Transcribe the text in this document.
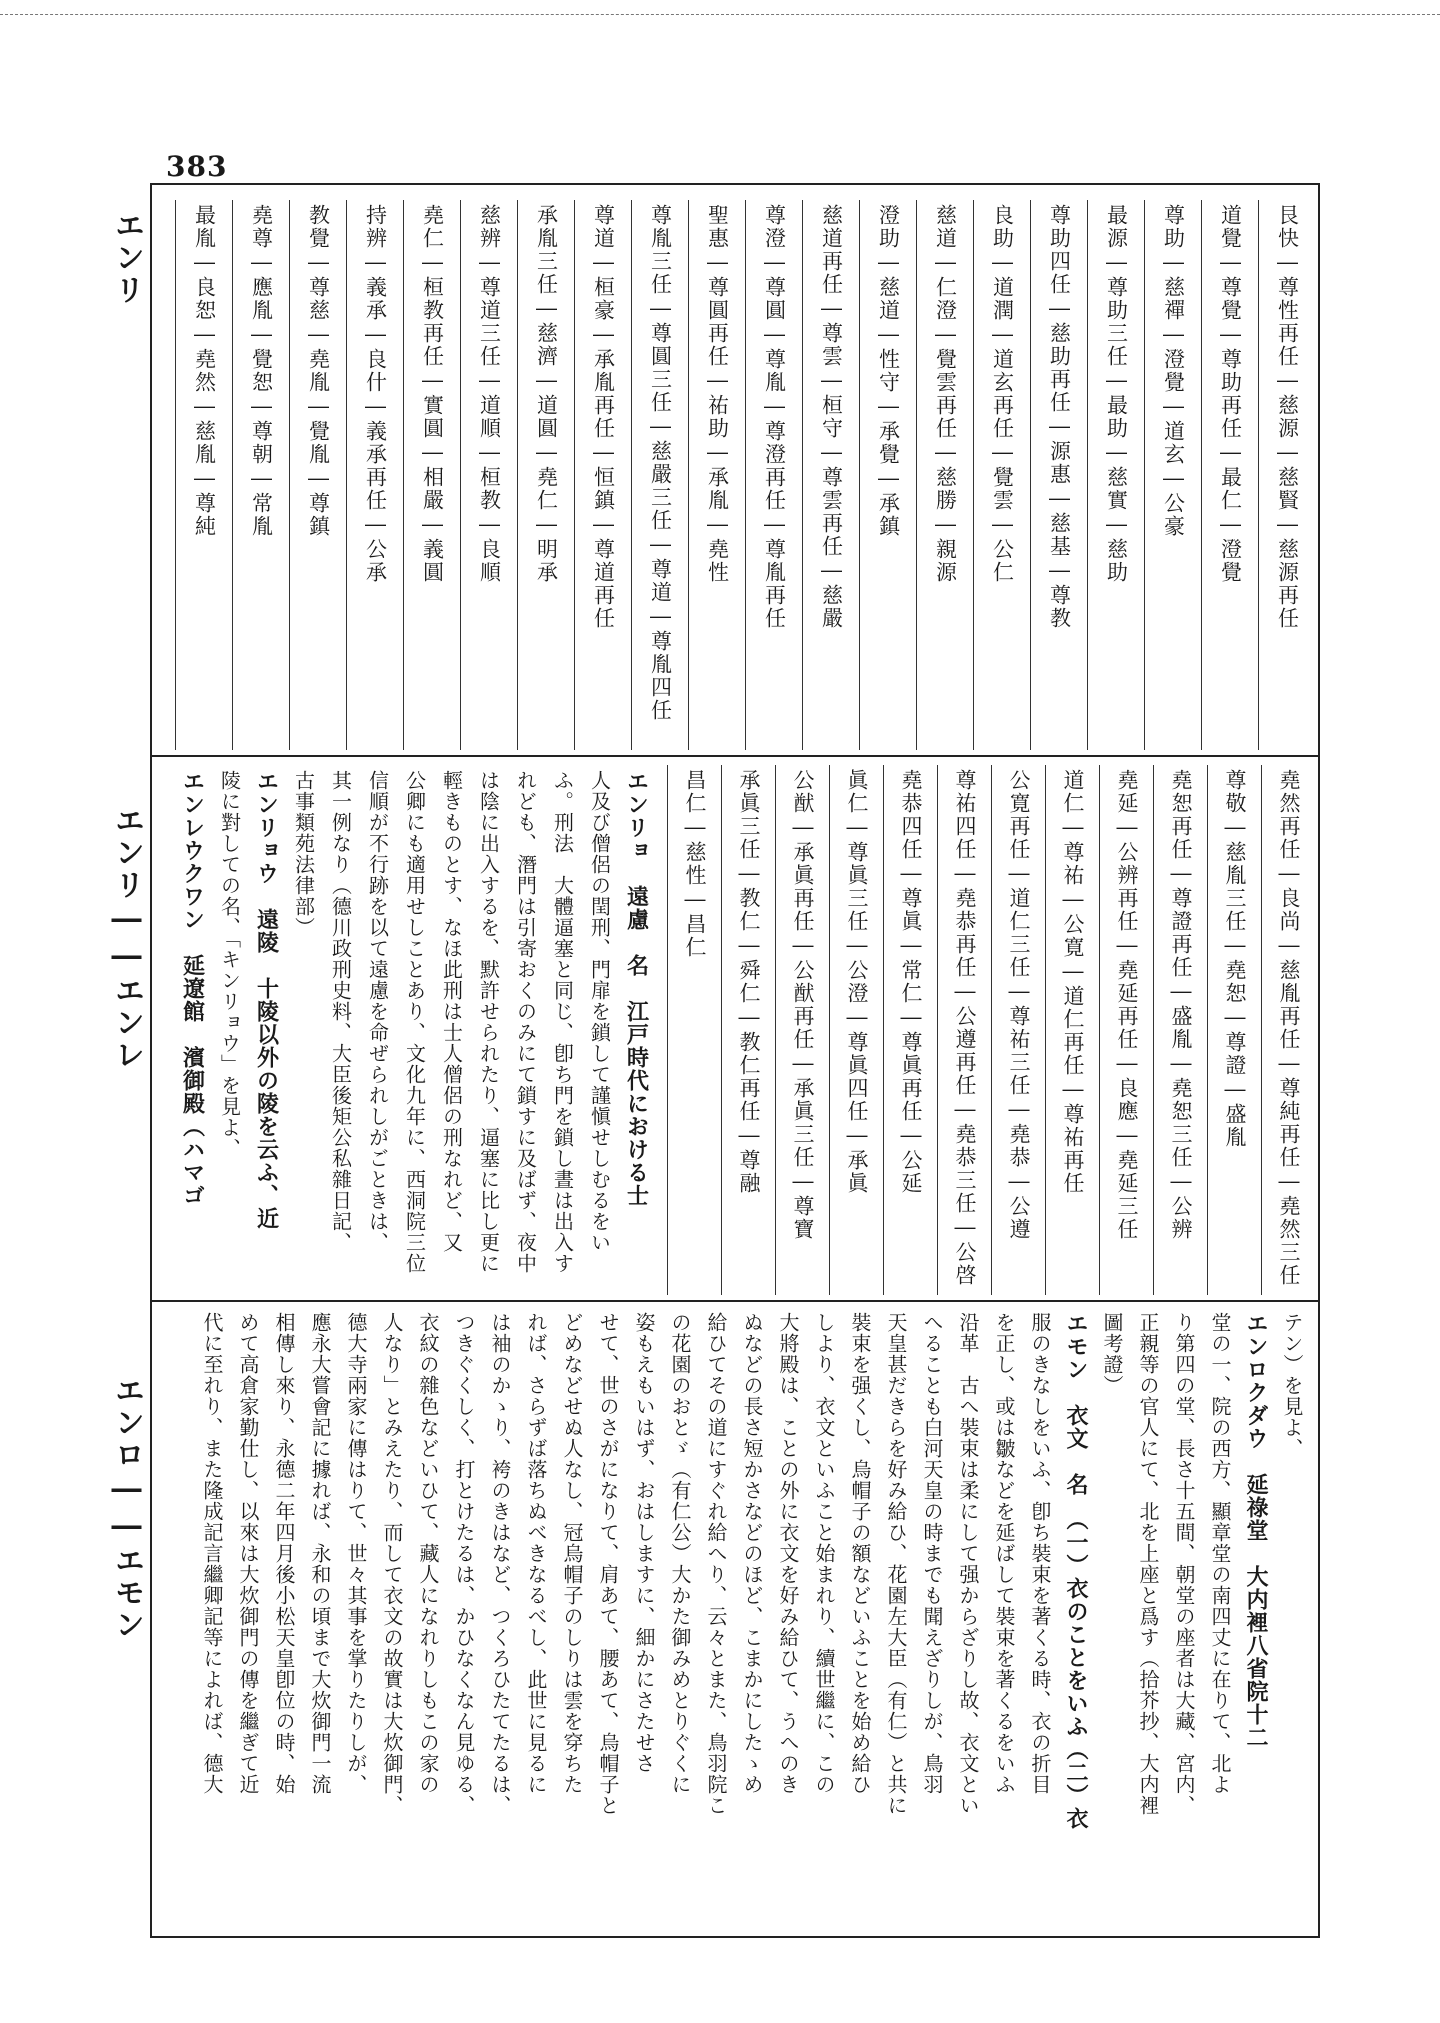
383
エンリ
エンリ――エンレ
エンロ――エモン
艮快―尊性再任―慈源―慈賢―慈源再任
道覺―尊覺―尊助再任―最仁―澄覺
尊助―慈禪―澄覺―道玄―公豪
最源―尊助三任―最助―慈實―慈助
尊助四任―慈助再任―源惠―慈基―尊教
良助―道潤―道玄再任―覺雲―公仁
慈道―仁澄―覺雲再任―慈勝―親源
澄助―慈道―性守―承覺―承鎮
慈道再任―尊雲―桓守―尊雲再任―慈嚴
尊澄―尊圓―尊胤―尊澄再任―尊胤再任
聖惠―尊圓再任―祐助―承胤―堯性
尊胤三任―尊圓三任―慈嚴三任―尊道―尊胤四任
尊道―桓豪―承胤再任―恒鎮―尊道再任
承胤三任―慈濟―道圓―堯仁―明承
慈辨―尊道三任―道順―桓教―良順
堯仁―桓教再任―實圓―相嚴―義圓
持辨―義承―良什―義承再任―公承
教覺―尊慈―堯胤―覺胤―尊鎮
堯尊―應胤―覺恕―尊朝―常胤
最胤―良恕―堯然―慈胤―尊純
堯然再任―良尚―慈胤再任―尊純再任―堯然三任
尊敬―慈胤三任―堯恕―尊證―盛胤
堯恕再任―尊證再任―盛胤―堯恕三任―公辨
堯延―公辨再任―堯延再任―良應―堯延三任
道仁―尊祐―公寛―道仁再任―尊祐再任
公寛再任―道仁三任―尊祐三任―堯恭―公遵
尊祐四任―堯恭再任―公遵再任―堯恭三任―公啓
堯恭四任―尊眞―常仁―尊眞再任―公延
眞仁―尊眞三任―公澄―尊眞四任―承眞
公猷―承眞再任―公猷再任―承眞三任―尊寶
承眞三任―教仁―舜仁―教仁再任―尊融
昌仁―慈性―昌仁
エンリョ　遠慮　名　江戸時代における士
人及び僧侶の閏刑、門扉を鎖して謹愼せしむるをい
ふ。刑法　大體逼塞と同じ、卽ち門を鎖し晝は出入す
れども、潛門は引寄おくのみにて鎖すに及ばず、夜中
は陰に出入するを、默許せられたり、逼塞に比し更に
輕きものとす、なほ此刑は士人僧侶の刑なれど、又
公卿にも適用せしことあり、文化九年に、西洞院三位
信順が不行跡を以て遠慮を命ぜられしがごときは、
其一例なり（德川政刑史料、大臣後矩公私雜日記、
古事類苑法律部）
エンリョウ　遠陵　十陵以外の陵を云ふ、近
陵に對しての名、「キンリョウ」を見よ、
エンレウクワン　延遼館　濱御殿（ハマゴ
テン）を見よ、
エンロクダウ　延祿堂　大内裡八省院十二
堂の一、院の西方、顯章堂の南四丈に在りて、北よ
り第四の堂、長さ十五間、朝堂の座者は大藏、宮内、
正親等の官人にて、北を上座と爲す（拾芥抄、大内裡
圖考證）
エモン　衣文　名　（一）衣のことをいふ（二）衣
服のきなしをいふ、卽ち裝束を著くる時、衣の折目
を正し、或は皺などを延ばして裝束を著くるをいふ
沿革　古へ裝束は柔にして强からざりし故、衣文とい
へることも白河天皇の時までも聞えざりしが、鳥羽
天皇甚だきらを好み給ひ、花園左大臣（有仁）と共に
裝束を强くし、烏帽子の額などいふことを始め給ひ
しより、衣文といふこと始まれり、續世繼に、この
大將殿は、ことの外に衣文を好み給ひて、うへのき
ぬなどの長さ短かさなどのほど、こまかにしたゝめ
給ひてその道にすぐれ給へり、云々とまた、鳥羽院こ
の花園のおとゞ（有仁公）大かた御みめとりぐくに
姿もえもいはず、おはしますに、細かにさたせさ
せて、世のさがになりて、肩あて、腰あて、烏帽子と
どめなどせぬ人なし、冠烏帽子のしりは雲を穿ちた
れば、さらずば落ちぬべきなるべし、此世に見るに
は袖のかゝり、袴のきはなど、つくろひたてたるは、
つきぐくしく、打とけたるは、かひなくなん見ゆる、
衣紋の雜色などいひて、藏人になれりしもこの家の
人なり」とみえたり、而して衣文の故實は大炊御門、
德大寺兩家に傳はりて、世々其事を掌りたりしが、
應永大嘗會記に據れば、永和の頃まで大炊御門一流
相傳し來り、永德二年四月後小松天皇卽位の時、始
めて高倉家勤仕し、以來は大炊御門の傳を繼ぎて近
代に至れり、また隆成記言繼卿記等によれば、德大
